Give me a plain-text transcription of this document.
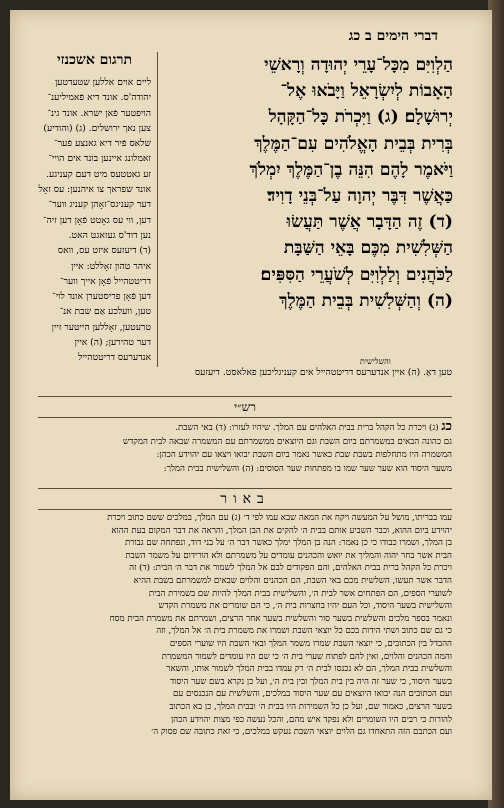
דברי הימים ב כג
תרגום אשכנזי
ליים אוים אללען שטעדטען
יהודה'ס. אונד דיא פֿאמיליענ־
הויפטער פֿאן ישרא. אונד גינ־
צען נאך ירושלים. (ג) (והודיע)
שלאס פֿיר דיא גאנצע פֿער־
זאמלונג איינען בונד אים הויי־
זע גאטטעס מיט דעם קעניגע.
אונד שפראך צו איהנען: עס זאָל
דער קעניגס־זאָהן קעניג ווער־
דען, ווי עס גאָטט פֿאָן דען זיה־
נען דוד'ס געזאגט האט.
(ד) דיעזעס איזט עס, וואס
איהר טהון זאָללט: איין
דריטטהייל פֿאָן אייך ווער־
דען פֿאָן פריסטערן אונד לוי־
טען, וועלכע אַם שבת אנ־
טרעטען, זאָללען הייטער זיין
דער טהירען; (ה) איין
אנדערעס דריטטהייל
הַלְוִיִּם מִכָּל־עָרֵי יְהוּדָה וְרָאשֵׁי
הָאָבוֹת לְיִשְׂרָאֵל וַיָּבֹאוּ אֶל־
יְרוּשָׁלָם׃ (ג) וַיִּכְרֹת כָּל־הַקָּהָל
בְּרִית בְּבֵית הָאֱלֹהִים עִם־הַמֶּלֶךְ
וַיֹּאמֶר לָהֶם הִנֵּה בֶן־הַמֶּלֶךְ יִמְלֹךְ
כַּאֲשֶׁר דִּבֶּר יְהוָה עַל־בְּנֵי דָוִיד׃
(ד) זֶה הַדָּבָר אֲשֶׁר תַּעֲשׂוּ
הַשְּׁלִשִׁית מִכֶּם בָּאֵי הַשַּׁבָּת
לַכֹּהֲנִים וְלַלְוִיִּם לְשֹׁעֲרֵי הַסִּפִּים׃
(ה) וְהַשְּׁלִשִׁית בְּבֵית הַמֶּלֶךְ
והשלישית
טען דאָ. (ה) איין אנדערעס דריטטהייל אים קעניגליכען פאלאסט. דיעזעס
רש״י
כג (ג) ויכרת כל הקהל ברית בבית האלהים עם המלך. שיהיו לעזרו: (ד) באי השבת.
גם כהונה הבאים במשמרתם ביום השבת וגם היוצאים ממשמרתם עם המשמרה שבאה לבית המקדש
המשמרה היו מתחלפות בשבת שבת כאשר נאמר ביום השבת יבואו ויצאו עם יהוידע הכהן:
משער היסוד הוא שער שער שמו בו מפתחות שער הסוסים: (ה) והשלישית בבית המלך:
באור
עמו בבריתו, מושל על המעשה ויקח את המאה שבא עמו לפי ד׳ (ג) עם המלך, במלכים ששם כתוב ויכרת
יהוידע ביום ההוא, וכבר השביע אותם בבית ה׳ להקים את הבן המלך, והראה את דבר המקום בעת ההוא
בן המלך, ושמרו כבודו כי כן נאמר: הנה בן המלך ימלך כאשר דבר ה׳ על בני דוד, ונפתחה שם גבורת
הבית אשר בחר יהוה והמליך את יואש והכהנים עומדים על משמרתם ולא הורידום על משמר השבת
ויכרת כל הקהל ברית בבית האלהים, והם הפקודים לבם אל המלך לשמור את דבר ה׳ הבית: (ד) זה
הדבר אשר תעשו, השלשית מכם באי השבת, הם הכהנים והלוים שבאים למשמרתם בשבת ההיא
לשוערי הספים, הם הפתחים אשר לבית ה׳, והשלישית בבית המלך להיות שם בשמירת הבית
והשלישית בשער היסוד, וכל העם יהיו בחצרות בית ה׳, כי הם שומרים את משמרת הקדש
ונאמר בספר מלכים והשלשית בשער סור והשלשית בשער אחר הרצים, ושמרתם את משמרת הבית מסח
כי גם שם כתוב ושתי הידות בכם כל יוצאי השבת ושמרו את משמרת בית ה׳ אל המלך, וזה
ההבדל בין הכתובים, כי יוצאי השבת שמרו משמר המלך ובאי השבת היו שוערי הספים
והמה הכהנים והלוים, ואין להם לפתוח שערי בית ה׳ כי שם היו עומדים לשמור המשמרת
והשלשית בבית המלך, הם לא נכנסו לבית ה׳ רק עמדו בבית המלך לשמור אותו, והשאר
בשער היסוד, כי שער זה היה בין בית המלך ובין בית ה׳, ועל כן נקרא בשם שער היסוד
ועם הכתובים הנה יבואו היוצאים עם שער היסוד במלכים, והשלשית עם הנכנסים עם
בשער הרצים, כאמור שם, ועל כן כל השמירות היו בבית ה׳ ובבית המלך, כן בא הכתוב
להורות כי רבים היו השומרים ולא נפקד איש מהם, והכל נעשה כפי מצות יהוידע הכהן
ועם הכתבם הזה התאחדו גם הלוים יוצאי השבת נעקש במלכים, כי זאת כתובה שם פסוק ה׳
